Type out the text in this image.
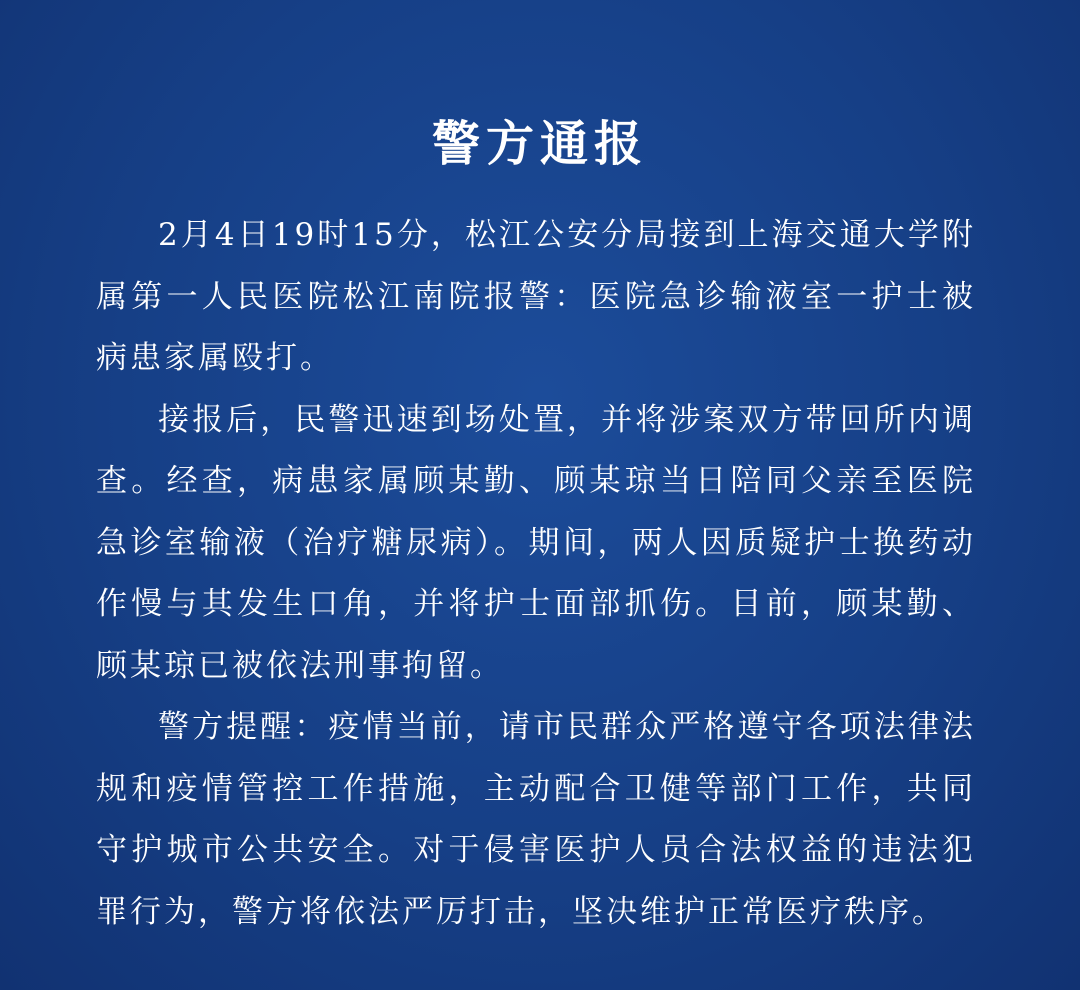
警方通报

2月4日19时15分，松江公安分局接到上海交通大学附属第一人民医院松江南院报警：医院急诊输液室一护士被病患家属殴打。

接报后，民警迅速到场处置，并将涉案双方带回所内调查。经查，病患家属顾某勤、顾某琼当日陪同父亲至医院急诊室输液（治疗糖尿病）。期间，两人因质疑护士换药动作慢与其发生口角，并将护士面部抓伤。目前，顾某勤、顾某琼已被依法刑事拘留。

警方提醒：疫情当前，请市民群众严格遵守各项法律法规和疫情管控工作措施，主动配合卫健等部门工作，共同守护城市公共安全。对于侵害医护人员合法权益的违法犯罪行为，警方将依法严厉打击，坚决维护正常医疗秩序。
